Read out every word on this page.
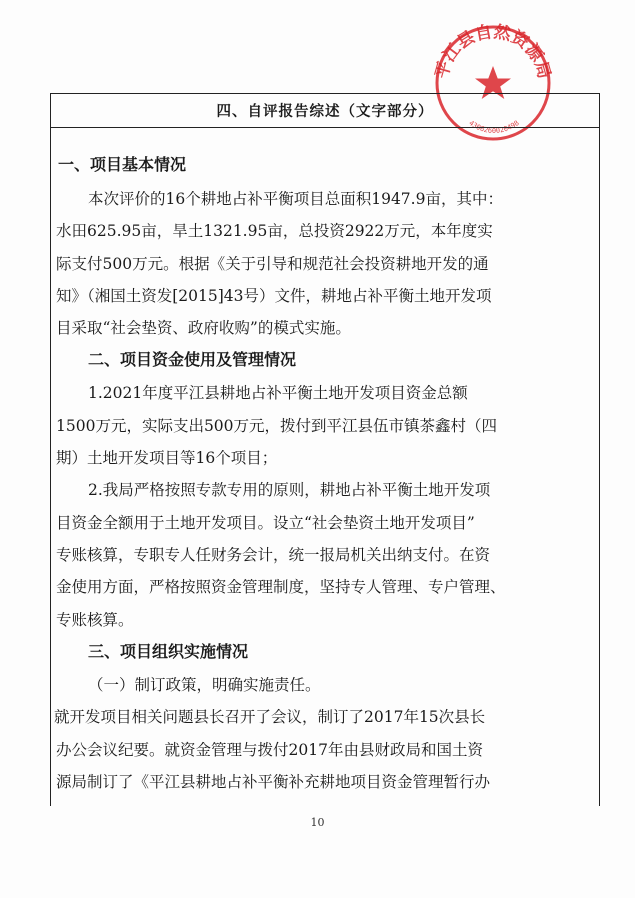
平江县自然资源局
4306260020498
四、自评报告综述（文字部分）
一、项目基本情况
本次评价的16个耕地占补平衡项目总面积1947.9亩，其中：
水田625.95亩，旱土1321.95亩，总投资2922万元，本年度实
际支付500万元。根据《关于引导和规范社会投资耕地开发的通
知》（湘国土资发[2015]43号）文件，耕地占补平衡土地开发项
目采取“社会垫资、政府收购”的模式实施。
二、项目资金使用及管理情况
1.2021年度平江县耕地占补平衡土地开发项目资金总额
1500万元，实际支出500万元，拨付到平江县伍市镇茶鑫村（四
期）土地开发项目等16个项目；
2.我局严格按照专款专用的原则，耕地占补平衡土地开发项
目资金全额用于土地开发项目。设立“社会垫资土地开发项目”
专账核算，专职专人任财务会计，统一报局机关出纳支付。在资
金使用方面，严格按照资金管理制度，坚持专人管理、专户管理、
专账核算。
三、项目组织实施情况
（一）制订政策，明确实施责任。
就开发项目相关问题县长召开了会议，制订了2017年15次县长
办公会议纪要。就资金管理与拨付2017年由县财政局和国土资
源局制订了《平江县耕地占补平衡补充耕地项目资金管理暂行办
10
